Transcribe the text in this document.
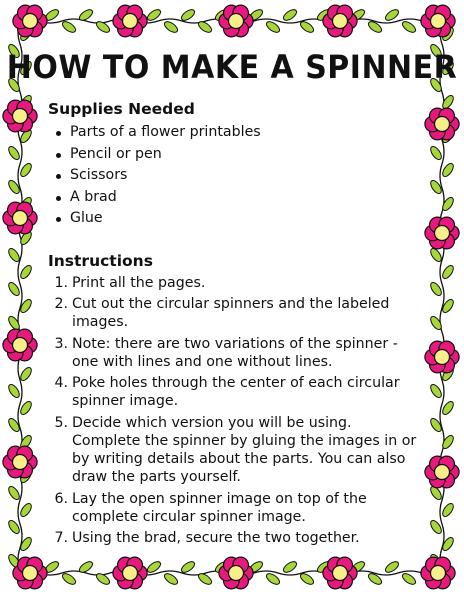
HOW TO MAKE A SPINNER
Supplies Needed
Parts of a flower printables
Pencil or pen
Scissors
A brad
Glue
Instructions
1. Print all the pages.
2. Cut out the circular spinners and the labeled images.
3. Note: there are two variations of the spinner - one with lines and one without lines.
4. Poke holes through the center of each circular spinner image.
5. Decide which version you will be using. Complete the spinner by gluing the images in or by writing details about the parts. You can also draw the parts yourself.
6. Lay the open spinner image on top of the complete circular spinner image.
7. Using the brad, secure the two together.
